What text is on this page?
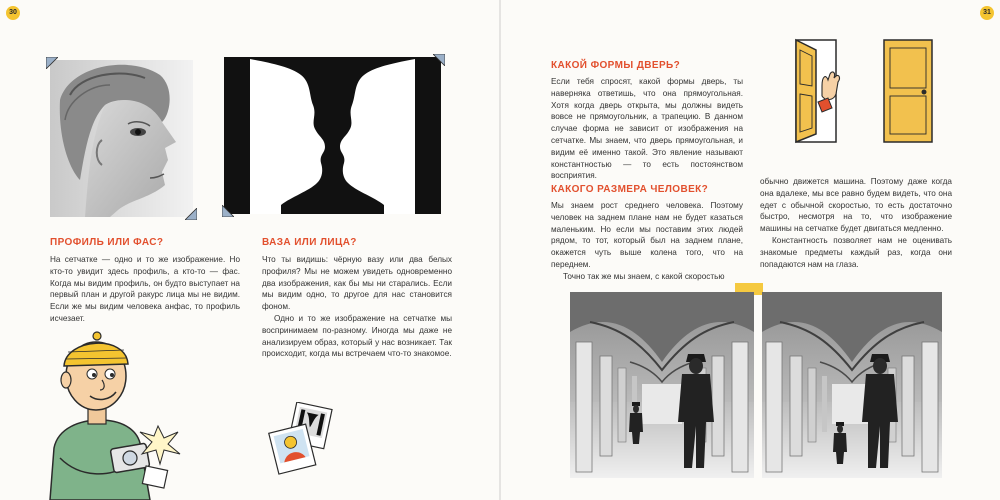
30	31
ПРОФИЛЬ ИЛИ ФАС?

На сетчатке — одно и то же изображение. Но кто-то увидит здесь профиль, а кто-то — фас. Когда мы видим профиль, он будто выступает на первый план и другой ракурс лица мы не видим. Если же мы видим человека анфас, то профиль исчезает.

ВАЗА ИЛИ ЛИЦА?

Что ты видишь: чёрную вазу или два белых профиля? Мы не можем увидеть одновременно два изображения, как бы мы ни старались. Если мы видим одно, то другое для нас становится фоном.

Одно и то же изображение на сетчатке мы воспринимаем по-разному. Иногда мы даже не анализируем образ, который у нас возникает. Так происходит, когда мы встречаем что-то знакомое.

КАКОЙ ФОРМЫ ДВЕРЬ?

Если тебя спросят, какой формы дверь, ты наверняка ответишь, что она прямоугольная. Хотя когда дверь открыта, мы должны видеть вовсе не прямоугольник, а трапецию. В данном случае форма не зависит от изображения на сетчатке. Мы знаем, что дверь прямоугольная, и видим её именно такой. Это явление называют константностью — то есть постоянством восприятия.

КАКОГО РАЗМЕРА ЧЕЛОВЕК?

Мы знаем рост среднего человека. Поэтому человек на заднем плане нам не будет казаться маленьким. Но если мы поставим этих людей рядом, то тот, который был на заднем плане, окажется чуть выше колена того, что на переднем.

Точно так же мы знаем, с какой скоростью

обычно движется машина. Поэтому даже когда она вдалеке, мы все равно будем видеть, что она едет с обычной скоростью, то есть достаточно быстро, несмотря на то, что изображение машины на сетчатке будет двигаться медленно.

Константность позволяет нам не оценивать знакомые предметы каждый раз, когда они попадаются нам на глаза.
